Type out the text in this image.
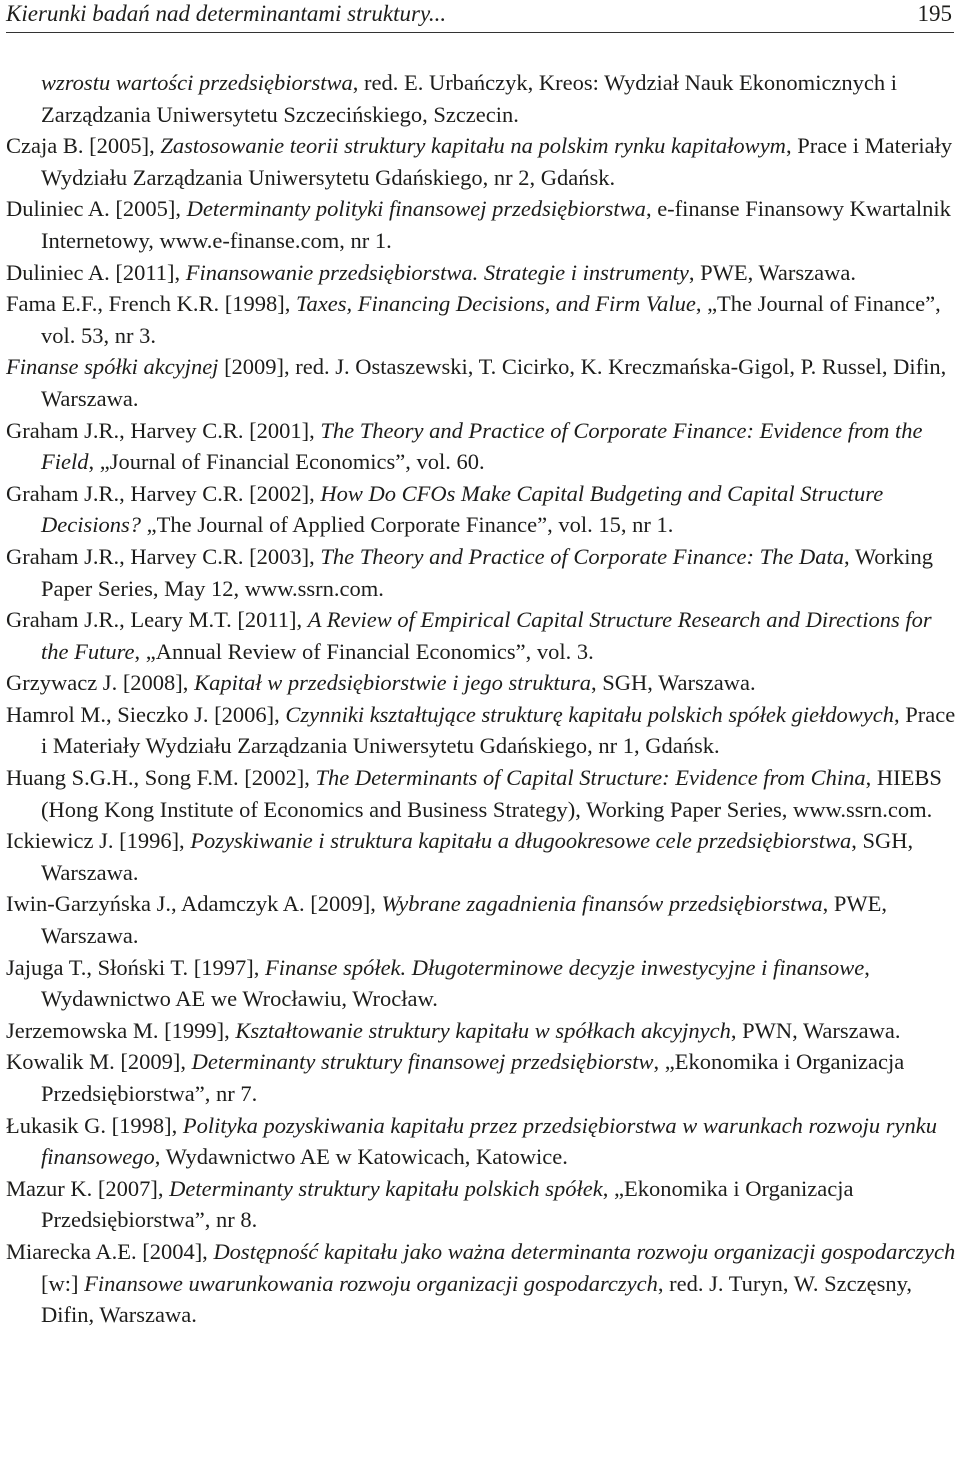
Kierunki badań nad determinantami struktury...	195
wzrostu wartości przedsiębiorstwa, red. E. Urbańczyk, Kreos: Wydział Nauk Ekonomicznych i Zarządzania Uniwersytetu Szczecińskiego, Szczecin.
Czaja B. [2005], Zastosowanie teorii struktury kapitału na polskim rynku kapitałowym, Prace i Materiały Wydziału Zarządzania Uniwersytetu Gdańskiego, nr 2, Gdańsk.
Duliniec A. [2005], Determinanty polityki finansowej przedsiębiorstwa, e-finanse Finansowy Kwartalnik Internetowy, www.e-finanse.com, nr 1.
Duliniec A. [2011], Finansowanie przedsiębiorstwa. Strategie i instrumenty, PWE, Warszawa.
Fama E.F., French K.R. [1998], Taxes, Financing Decisions, and Firm Value, „The Journal of Finance”, vol. 53, nr 3.
Finanse spółki akcyjnej [2009], red. J. Ostaszewski, T. Cicirko, K. Kreczmańska-Gigol, P. Russel, Difin, Warszawa.
Graham J.R., Harvey C.R. [2001], The Theory and Practice of Corporate Finance: Evidence from the Field, „Journal of Financial Economics”, vol. 60.
Graham J.R., Harvey C.R. [2002], How Do CFOs Make Capital Budgeting and Capital Structure Decisions? „The Journal of Applied Corporate Finance”, vol. 15, nr 1.
Graham J.R., Harvey C.R. [2003], The Theory and Practice of Corporate Finance: The Data, Working Paper Series, May 12, www.ssrn.com.
Graham J.R., Leary M.T. [2011], A Review of Empirical Capital Structure Research and Directions for the Future, „Annual Review of Financial Economics”, vol. 3.
Grzywacz J. [2008], Kapitał w przedsiębiorstwie i jego struktura, SGH, Warszawa.
Hamrol M., Sieczko J. [2006], Czynniki kształtujące strukturę kapitału polskich spółek giełdowych, Prace i Materiały Wydziału Zarządzania Uniwersytetu Gdańskiego, nr 1, Gdańsk.
Huang S.G.H., Song F.M. [2002], The Determinants of Capital Structure: Evidence from China, HIEBS (Hong Kong Institute of Economics and Business Strategy), Working Paper Series, www.ssrn.com.
Ickiewicz J. [1996], Pozyskiwanie i struktura kapitału a długookresowe cele przedsiębiorstwa, SGH, Warszawa.
Iwin-Garzyńska J., Adamczyk A. [2009], Wybrane zagadnienia finansów przedsiębiorstwa, PWE, Warszawa.
Jajuga T., Słoński T. [1997], Finanse spółek. Długoterminowe decyzje inwestycyjne i finansowe, Wydawnictwo AE we Wrocławiu, Wrocław.
Jerzemowska M. [1999], Kształtowanie struktury kapitału w spółkach akcyjnych, PWN, Warszawa.
Kowalik M. [2009], Determinanty struktury finansowej przedsiębiorstw, „Ekonomika i Organizacja Przedsiębiorstwa”, nr 7.
Łukasik G. [1998], Polityka pozyskiwania kapitału przez przedsiębiorstwa w warunkach rozwoju rynku finansowego, Wydawnictwo AE w Katowicach, Katowice.
Mazur K. [2007], Determinanty struktury kapitału polskich spółek, „Ekonomika i Organizacja Przedsiębiorstwa”, nr 8.
Miarecka A.E. [2004], Dostępność kapitału jako ważna determinanta rozwoju organizacji gospodarczych [w:] Finansowe uwarunkowania rozwoju organizacji gospodarczych, red. J. Turyn, W. Szczęsny, Difin, Warszawa.
